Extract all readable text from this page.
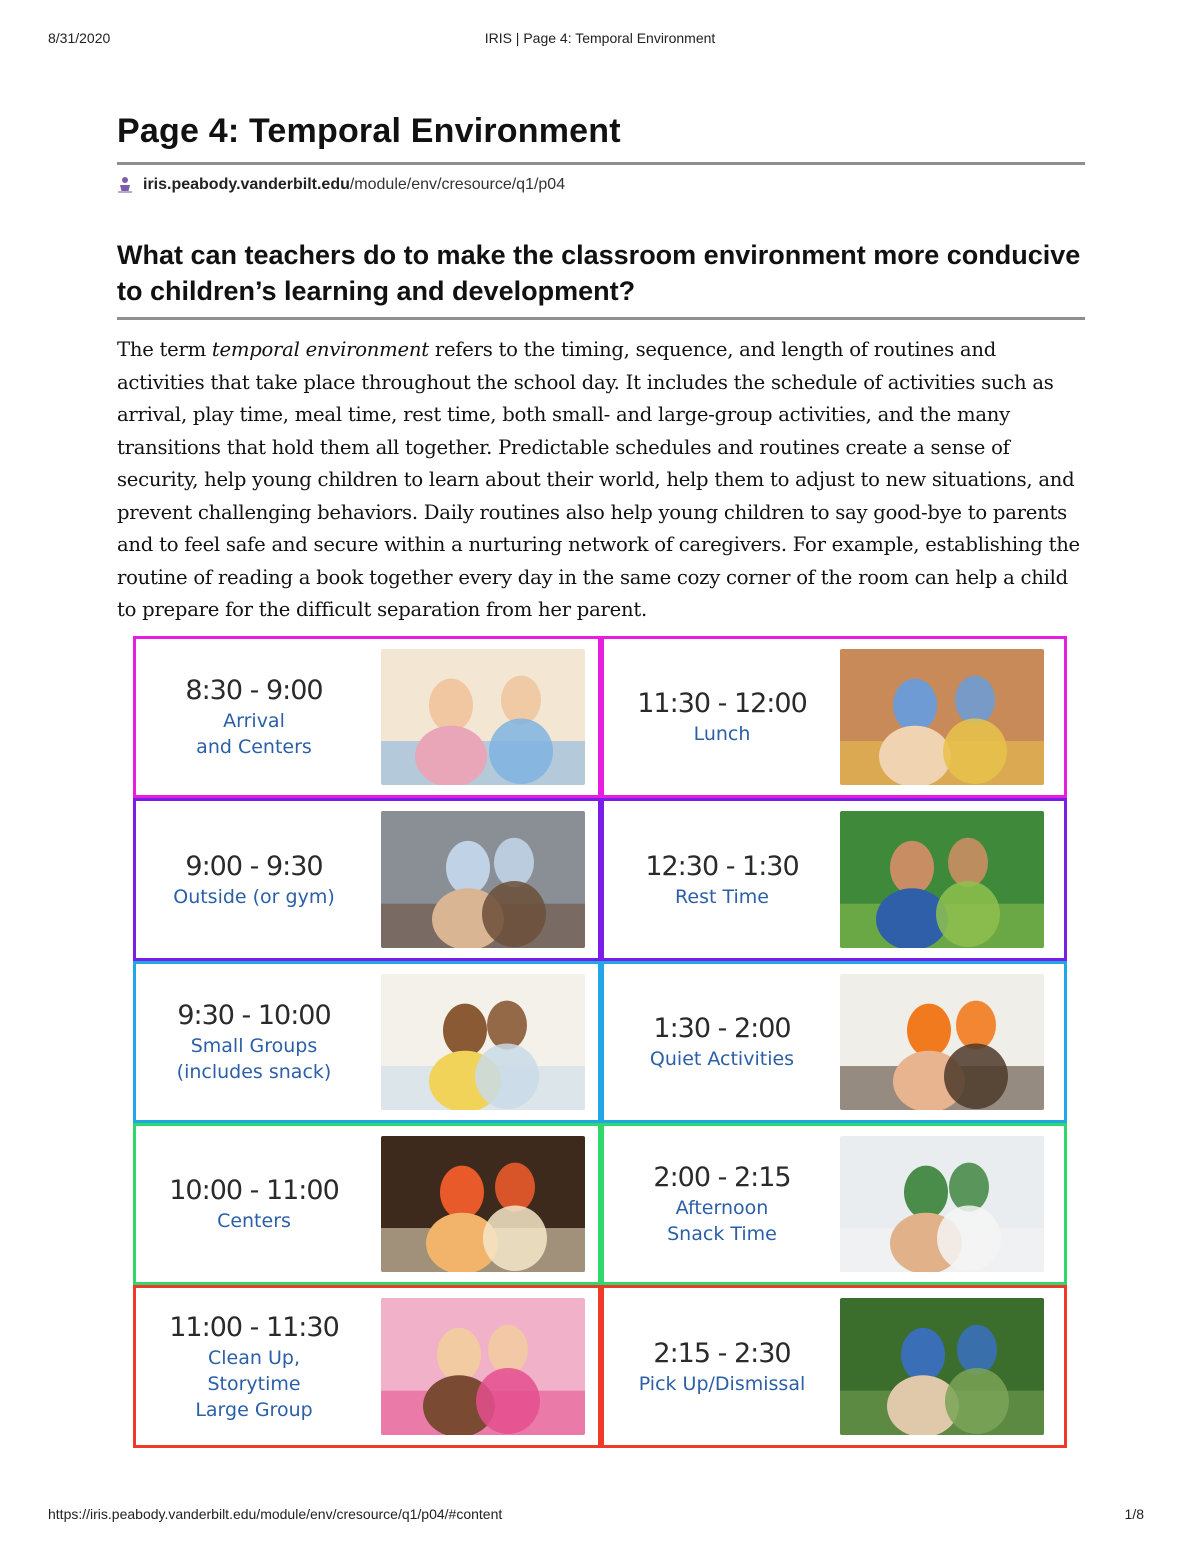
8/31/2020	IRIS | Page 4: Temporal Environment
Page 4: Temporal Environment
iris.peabody.vanderbilt.edu /module/env/cresource/q1/p04
What can teachers do to make the classroom environment more conducive to children’s learning and development?

The term temporal environment refers to the timing, sequence, and length of routines and activities that take place throughout the school day. It includes the schedule of activities such as arrival, play time, meal time, rest time, both small- and large-group activities, and the many transitions that hold them all together. Predictable schedules and routines create a sense of security, help young children to learn about their world, help them to adjust to new situations, and prevent challenging behaviors. Daily routines also help young children to say good-bye to parents and to feel safe and secure within a nurturing network of caregivers. For example, establishing the routine of reading a book together every day in the same cozy corner of the room can help a child to prepare for the difficult separation from her parent.

8:30 - 9:00
Arrival
and Centers
9:00 - 9:30
Outside (or gym)
9:30 - 10:00
Small Groups
(includes snack)
10:00 - 11:00
Centers
11:00 - 11:30
Clean Up,
Storytime
Large Group
11:30 - 12:00
Lunch
12:30 - 1:30
Rest Time
1:30 - 2:00
Quiet Activities
2:00 - 2:15
Afternoon
Snack Time
2:15 - 2:30
Pick Up/Dismissal
https://iris.peabody.vanderbilt.edu/module/env/cresource/q1/p04/#content	1/8
